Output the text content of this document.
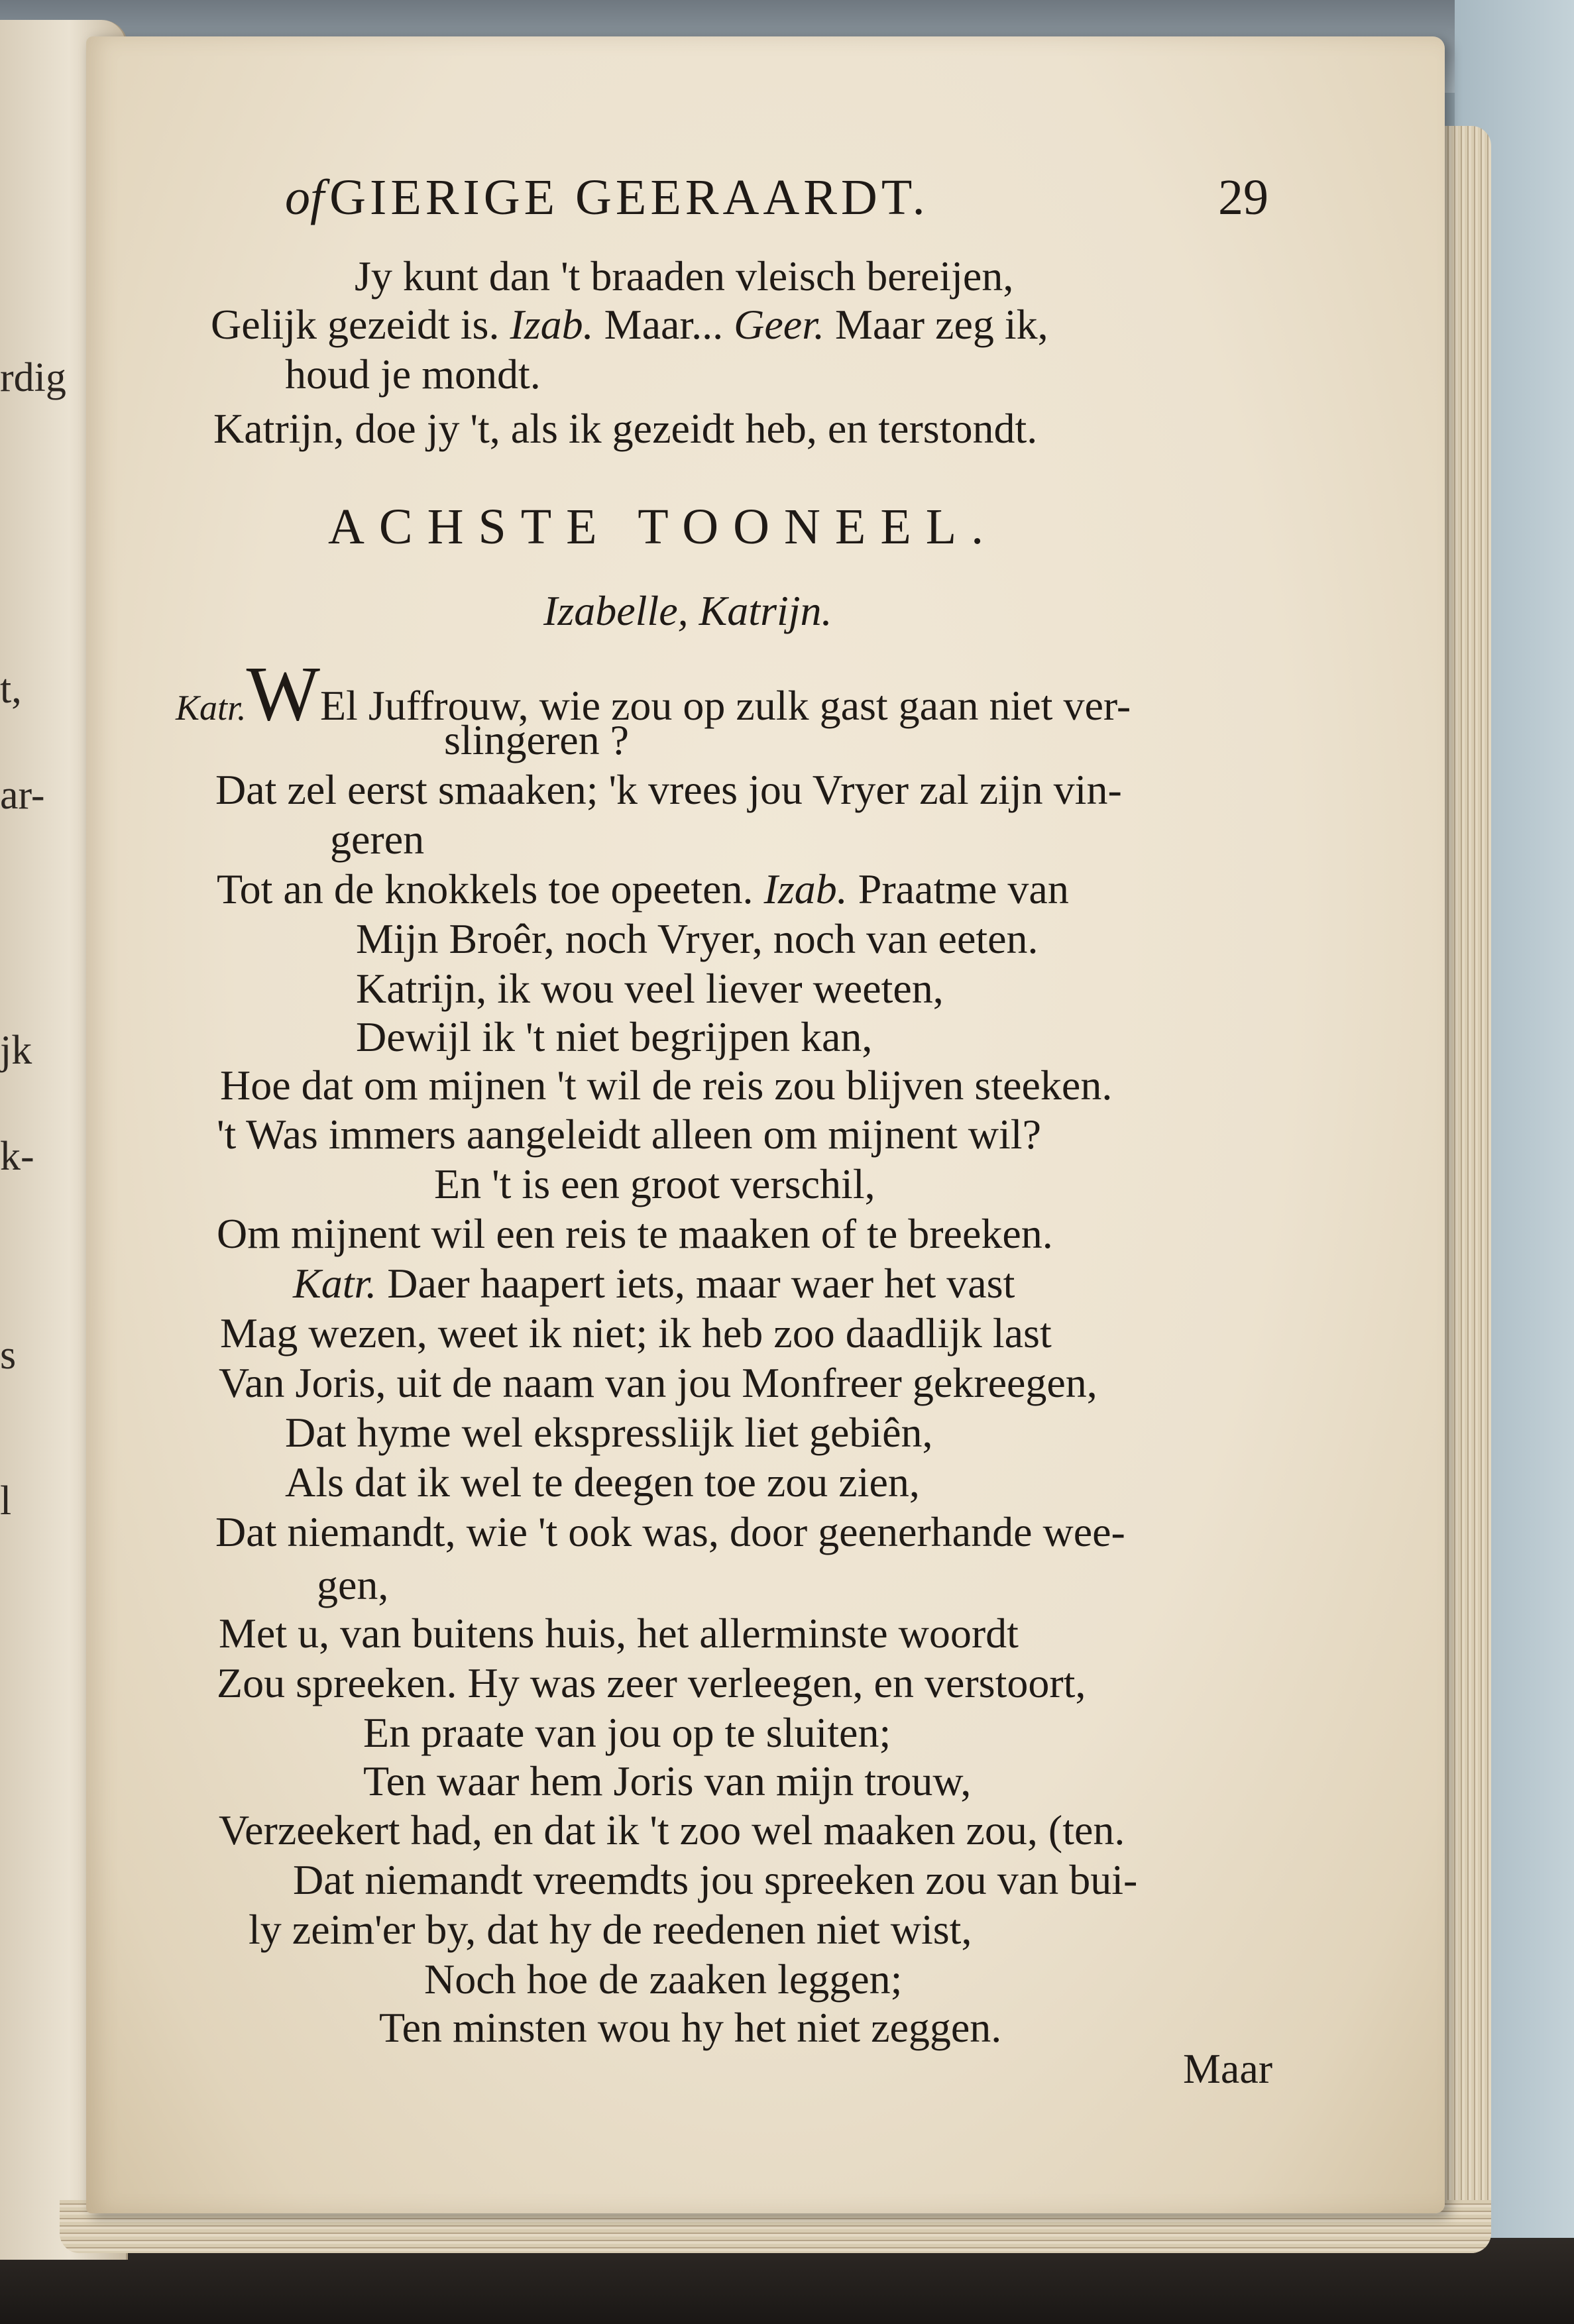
rdig
t,
ar-
jk
k-
s
l
of GIERIGE GEERAARDT.	29
Jy kunt dan 't braaden vleisch bereijen,
Gelijk gezeidt is. Izab. Maar... Geer. Maar zeg ik,
houd je mondt.
Katrijn, doe jy 't, als ik gezeidt heb, en terstondt.
ACHSTE TOONEEL.
Izabelle, Katrijn.
Katr.WEl Juffrouw, wie zou op zulk gast gaan niet ver-
slingeren ?
Dat zel eerst smaaken; 'k vrees jou Vryer zal zijn vin-
geren
Tot an de knokkels toe opeeten. Izab. Praatme van
Mijn Broêr, noch Vryer, noch van eeten.
Katrijn, ik wou veel liever weeten,
Dewijl ik 't niet begrijpen kan,
Hoe dat om mijnen 't wil de reis zou blijven steeken.
't Was immers aangeleidt alleen om mijnent wil?
En 't is een groot verschil,
Om mijnent wil een reis te maaken of te breeken.
Katr. Daer haapert iets, maar waer het vast
Mag wezen, weet ik niet; ik heb zoo daadlijk last
Van Joris, uit de naam van jou Monfreer gekreegen,
Dat hyme wel ekspresslijk liet gebiên,
Als dat ik wel te deegen toe zou zien,
Dat niemandt, wie 't ook was, door geenerhande wee-
gen,
Met u, van buitens huis, het allerminste woordt
Zou spreeken. Hy was zeer verleegen, en verstoort,
En praate van jou op te sluiten;
Ten waar hem Joris van mijn trouw,
Verzeekert had, en dat ik 't zoo wel maaken zou, (ten.
Dat niemandt vreemdts jou spreeken zou van bui-
ly zeim'er by, dat hy de reedenen niet wist,
Noch hoe de zaaken leggen;
Ten minsten wou hy het niet zeggen.
Maar
